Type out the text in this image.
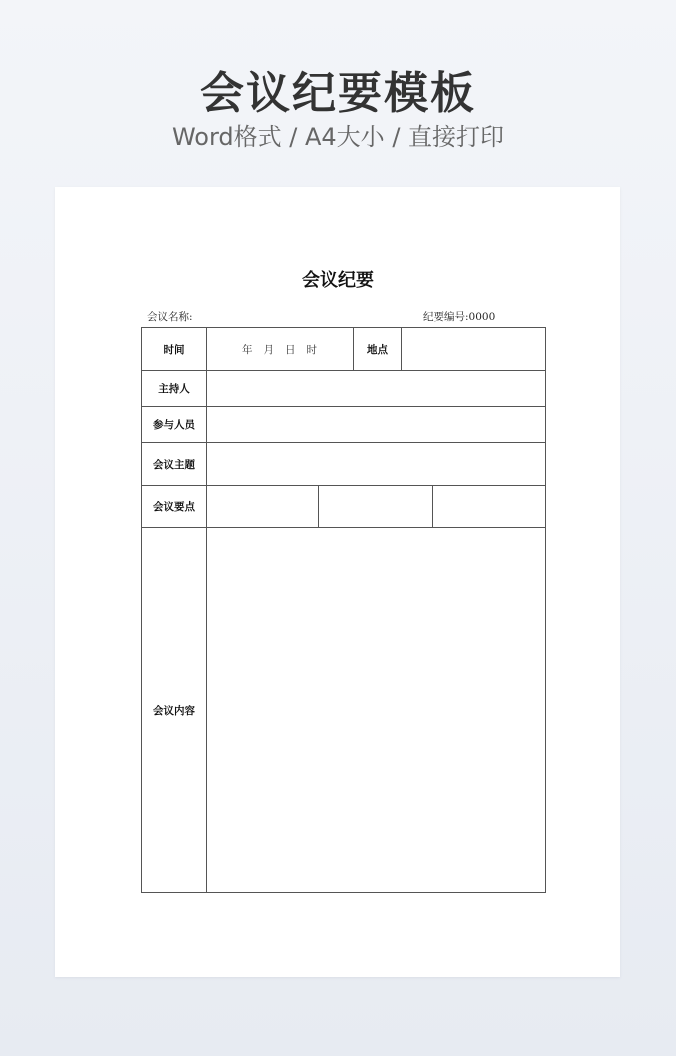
会议纪要模板
Word格式 / A4大小 / 直接打印
会议纪要
会议名称:	纪要编号:0000
时间	年 月 日 时		地点		
主持人					
参与人员					
会议主题					
会议要点					
会议内容					
